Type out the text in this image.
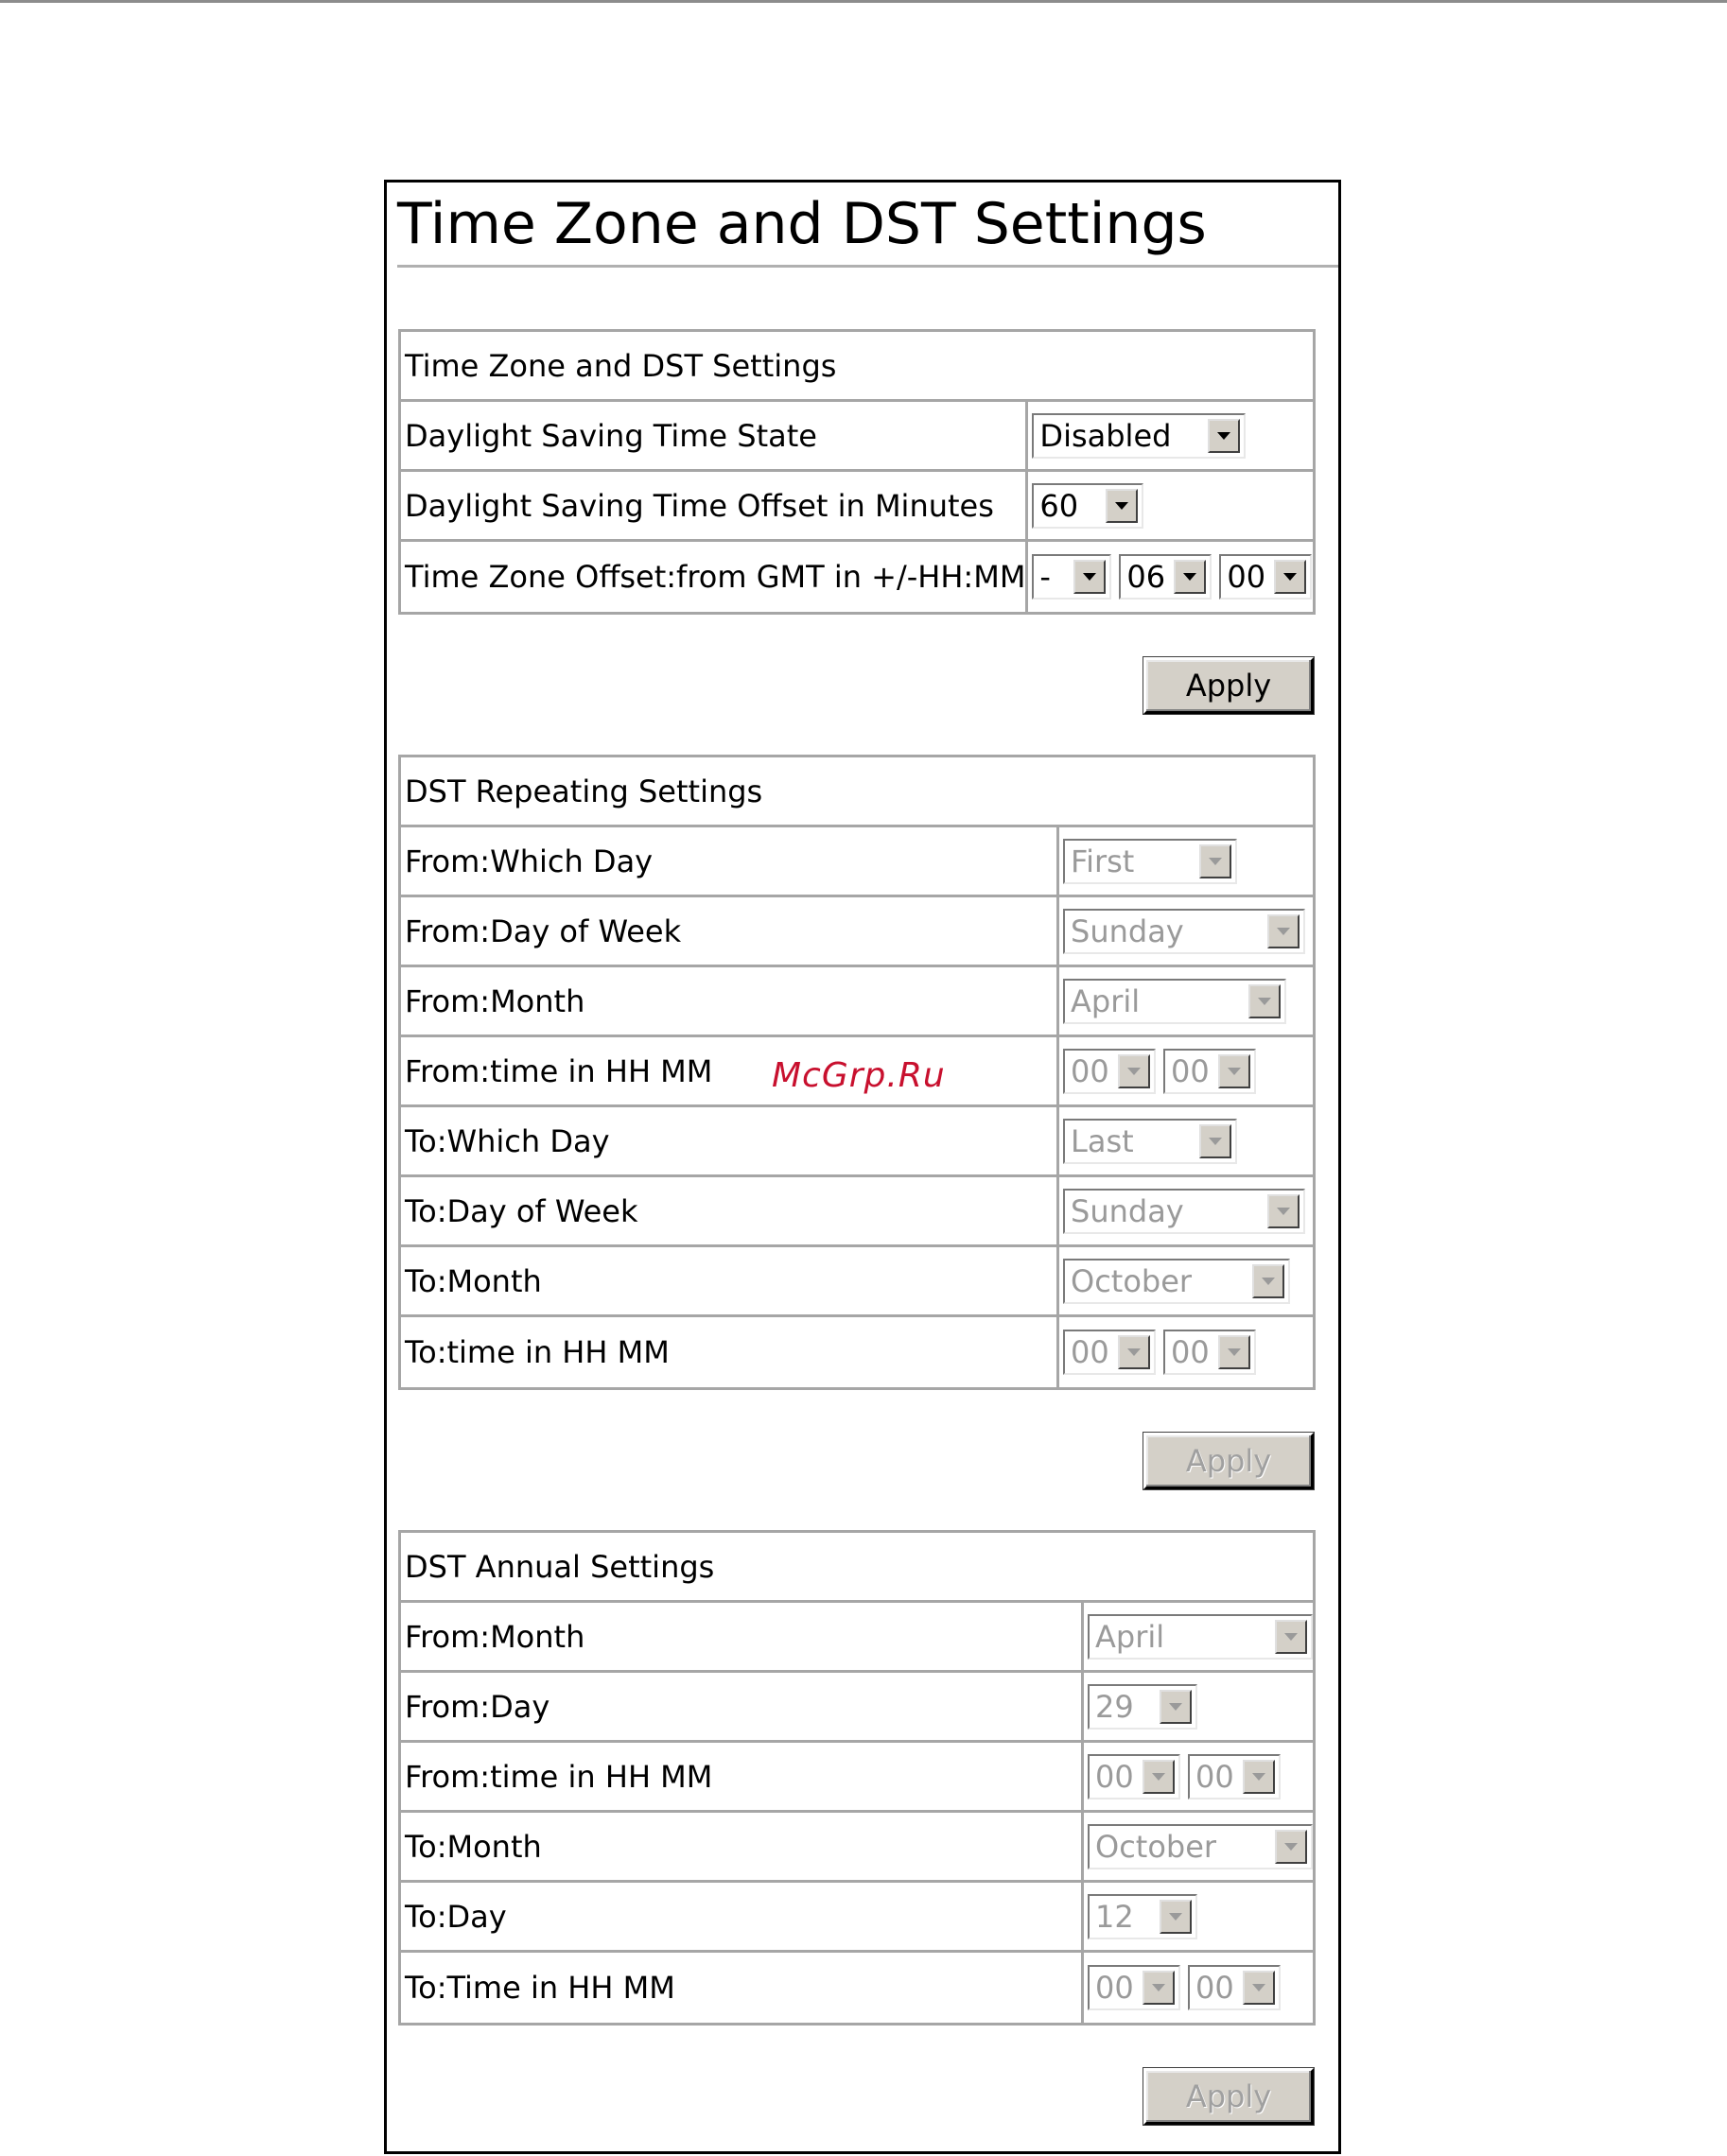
Time Zone and DST Settings
Time Zone and DST Settings	
Daylight Saving Time State	Disabled

Daylight Saving Time Offset in Minutes	60

Time Zone Offset:from GMT in +/-HH:MM	- 06 00
Apply
DST Repeating Settings	
From:Which Day	First

From:Day of Week	Sunday

From:Month	April

From:time in HH MM	00 00

To:Which Day	Last

To:Day of Week	Sunday

To:Month	October

To:time in HH MM	00 00
Apply
DST Annual Settings	
From:Month	April

From:Day	29

From:time in HH MM	00 00

To:Month	October

To:Day	12

To:Time in HH MM	00 00
Apply
McGrp.Ru
